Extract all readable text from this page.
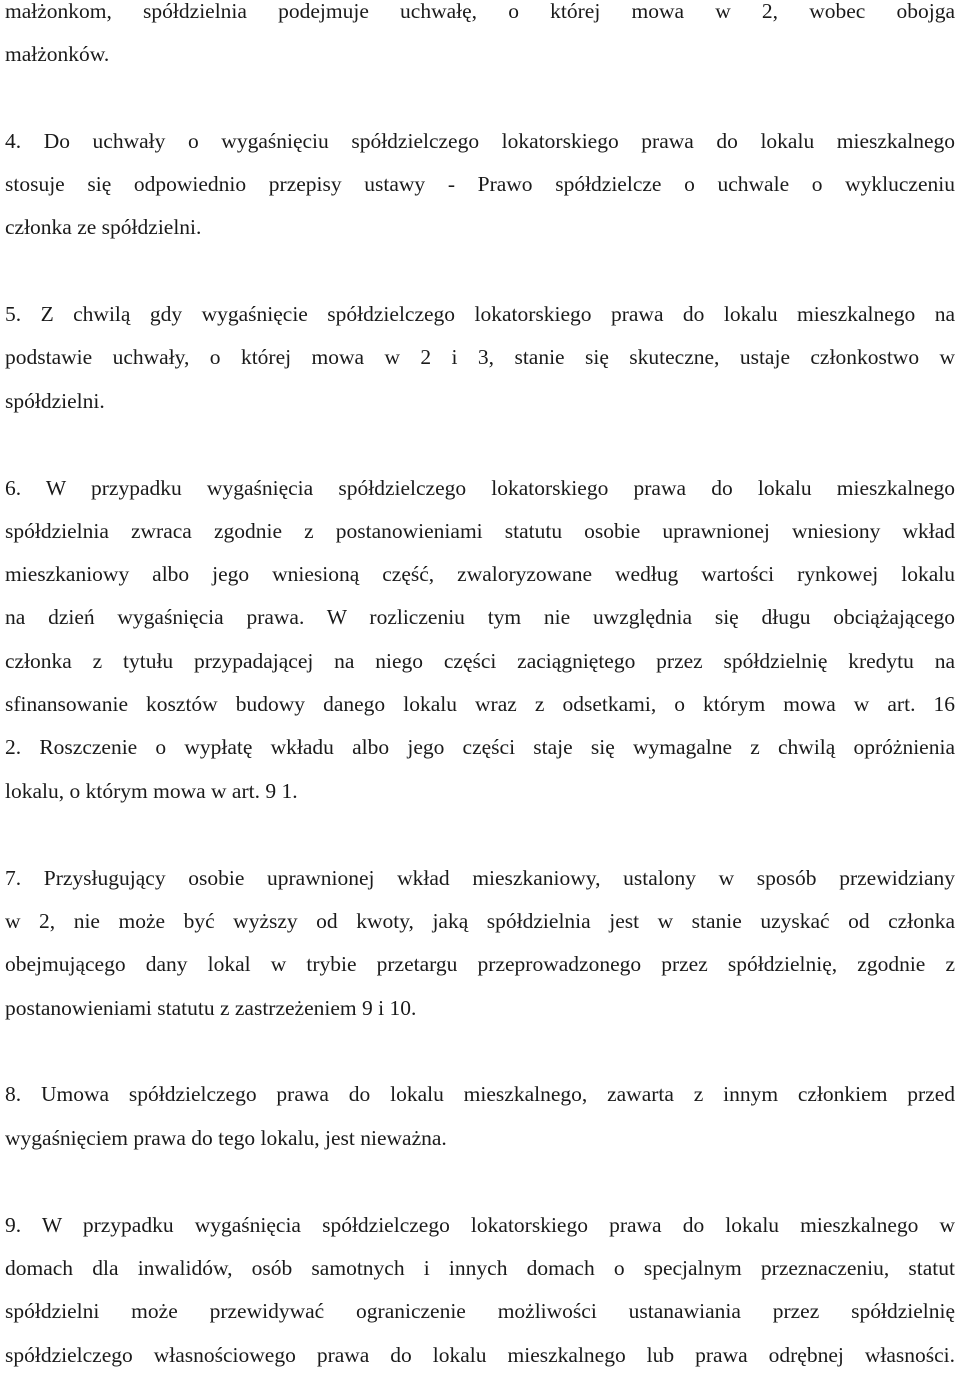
małżonkom, spółdzielnia podejmuje uchwałę, o której mowa w 2, wobec obojga
małżonków.
4. Do uchwały o wygaśnięciu spółdzielczego lokatorskiego prawa do lokalu mieszkalnego
stosuje się odpowiednio przepisy ustawy - Prawo spółdzielcze o uchwale o wykluczeniu
członka ze spółdzielni.
5. Z chwilą gdy wygaśnięcie spółdzielczego lokatorskiego prawa do lokalu mieszkalnego na
podstawie uchwały, o której mowa w 2 i 3, stanie się skuteczne, ustaje członkostwo w
spółdzielni.
6. W przypadku wygaśnięcia spółdzielczego lokatorskiego prawa do lokalu mieszkalnego
spółdzielnia zwraca zgodnie z postanowieniami statutu osobie uprawnionej wniesiony wkład
mieszkaniowy albo jego wniesioną część, zwaloryzowane według wartości rynkowej lokalu
na dzień wygaśnięcia prawa. W rozliczeniu tym nie uwzględnia się długu obciążającego
członka z tytułu przypadającej na niego części zaciągniętego przez spółdzielnię kredytu na
sfinansowanie kosztów budowy danego lokalu wraz z odsetkami, o którym mowa w art. 16
2. Roszczenie o wypłatę wkładu albo jego części staje się wymagalne z chwilą opróżnienia
lokalu, o którym mowa w art. 9 1.
7. Przysługujący osobie uprawnionej wkład mieszkaniowy, ustalony w sposób przewidziany
w 2, nie może być wyższy od kwoty, jaką spółdzielnia jest w stanie uzyskać od członka
obejmującego dany lokal w trybie przetargu przeprowadzonego przez spółdzielnię, zgodnie z
postanowieniami statutu z zastrzeżeniem 9 i 10.
8. Umowa spółdzielczego prawa do lokalu mieszkalnego, zawarta z innym członkiem przed
wygaśnięciem prawa do tego lokalu, jest nieważna.
9. W przypadku wygaśnięcia spółdzielczego lokatorskiego prawa do lokalu mieszkalnego w
domach dla inwalidów, osób samotnych i innych domach o specjalnym przeznaczeniu, statut
spółdzielni może przewidywać ograniczenie możliwości ustanawiania przez spółdzielnię
spółdzielczego własnościowego prawa do lokalu mieszkalnego lub prawa odrębnej własności.
